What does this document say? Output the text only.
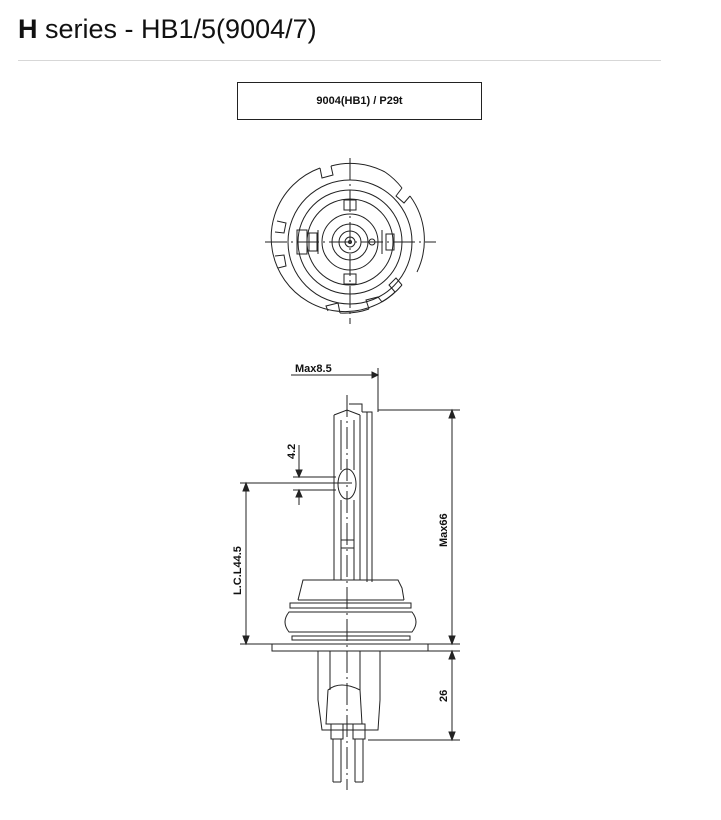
H series - HB1/5(9004/7)
9004(HB1) / P29t
Max8.5
4.2
L.C.L44.5
Max66
26
